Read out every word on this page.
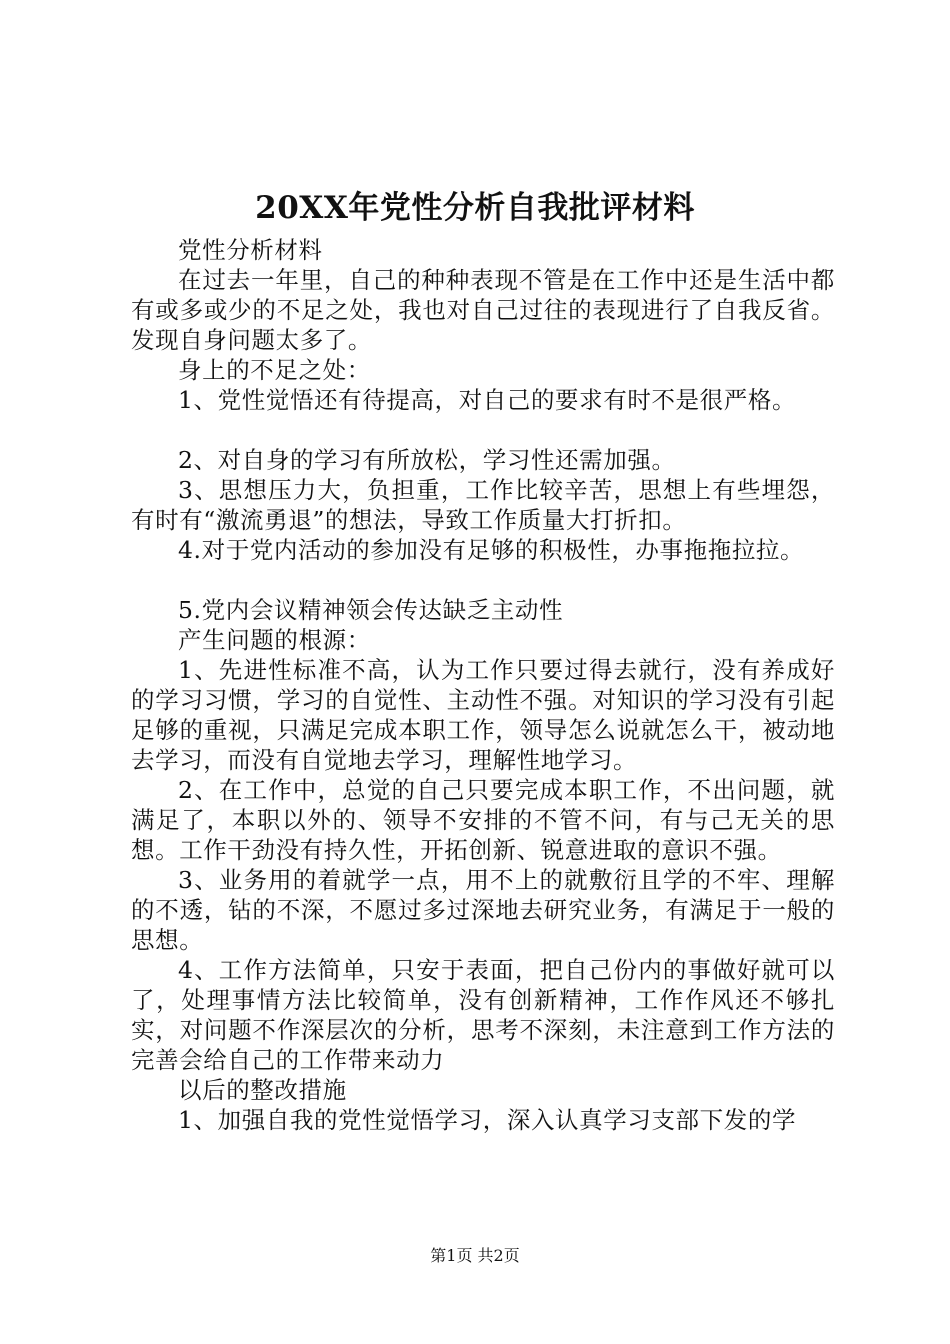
20XX年党性分析自我批评材料

党性分析材料

在过去一年里，自己的种种表现不管是在工作中还是生活中都有或多或少的不足之处，我也对自己过往的表现进行了自我反省。发现自身问题太多了。

身上的不足之处：

1、党性觉悟还有待提高，对自己的要求有时不是很严格。

2、对自身的学习有所放松，学习性还需加强。

3、思想压力大，负担重，工作比较辛苦，思想上有些埋怨，有时有“激流勇退”的想法，导致工作质量大打折扣。

4.对于党内活动的参加没有足够的积极性，办事拖拖拉拉。

5.党内会议精神领会传达缺乏主动性

产生问题的根源：

1、先进性标准不高，认为工作只要过得去就行，没有养成好的学习习惯，学习的自觉性、主动性不强。对知识的学习没有引起足够的重视，只满足完成本职工作，领导怎么说就怎么干，被动地去学习，而没有自觉地去学习，理解性地学习。

2、在工作中，总觉的自己只要完成本职工作，不出问题，就满足了，本职以外的、领导不安排的不管不问，有与己无关的思想。工作干劲没有持久性，开拓创新、锐意进取的意识不强。

3、业务用的着就学一点，用不上的就敷衍且学的不牢、理解的不透，钻的不深，不愿过多过深地去研究业务，有满足于一般的思想。

4、工作方法简单，只安于表面，把自己份内的事做好就可以了，处理事情方法比较简单，没有创新精神，工作作风还不够扎实，对问题不作深层次的分析，思考不深刻，未注意到工作方法的完善会给自己的工作带来动力

以后的整改措施

1、加强自我的党性觉悟学习，深入认真学习支部下发的学

第1页 共2页
